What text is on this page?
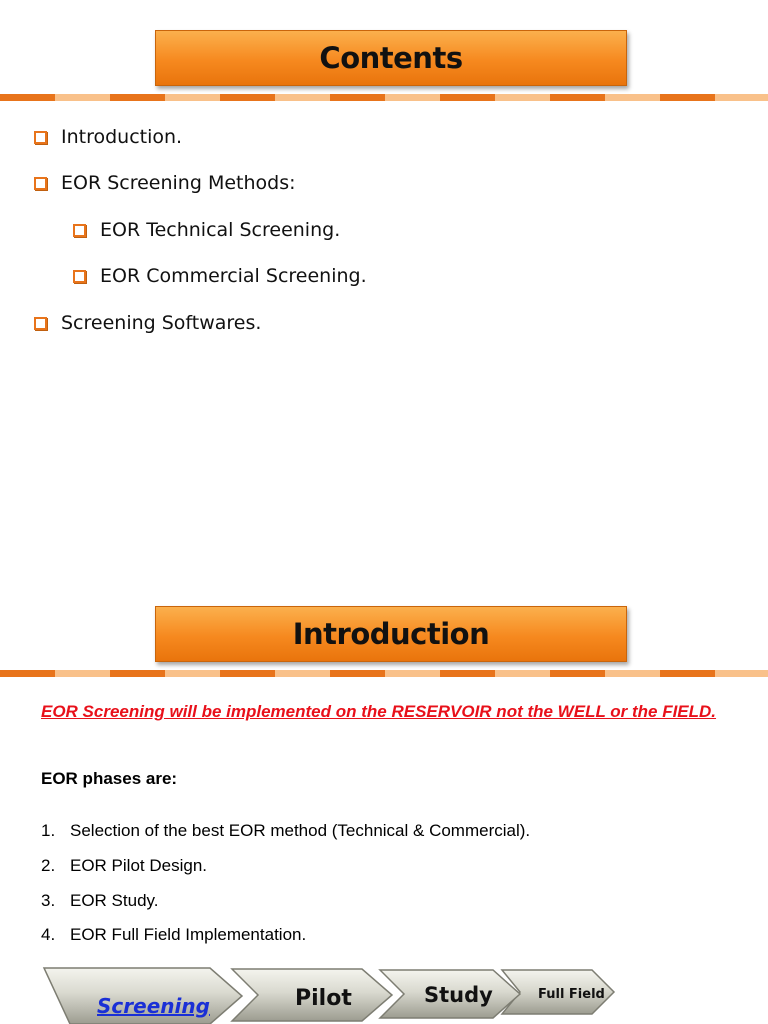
Contents
Introduction.
EOR Screening Methods:
EOR Technical Screening.
EOR Commercial Screening.
Screening Softwares.
Introduction
EOR Screening will be implemented on the RESERVOIR not the WELL or the FIELD.
EOR phases are:
1. Selection of the best EOR method (Technical & Commercial).
2. EOR Pilot Design.
3. EOR Study.
4. EOR Full Field Implementation.
Screening	Pilot	Study	Full Field
